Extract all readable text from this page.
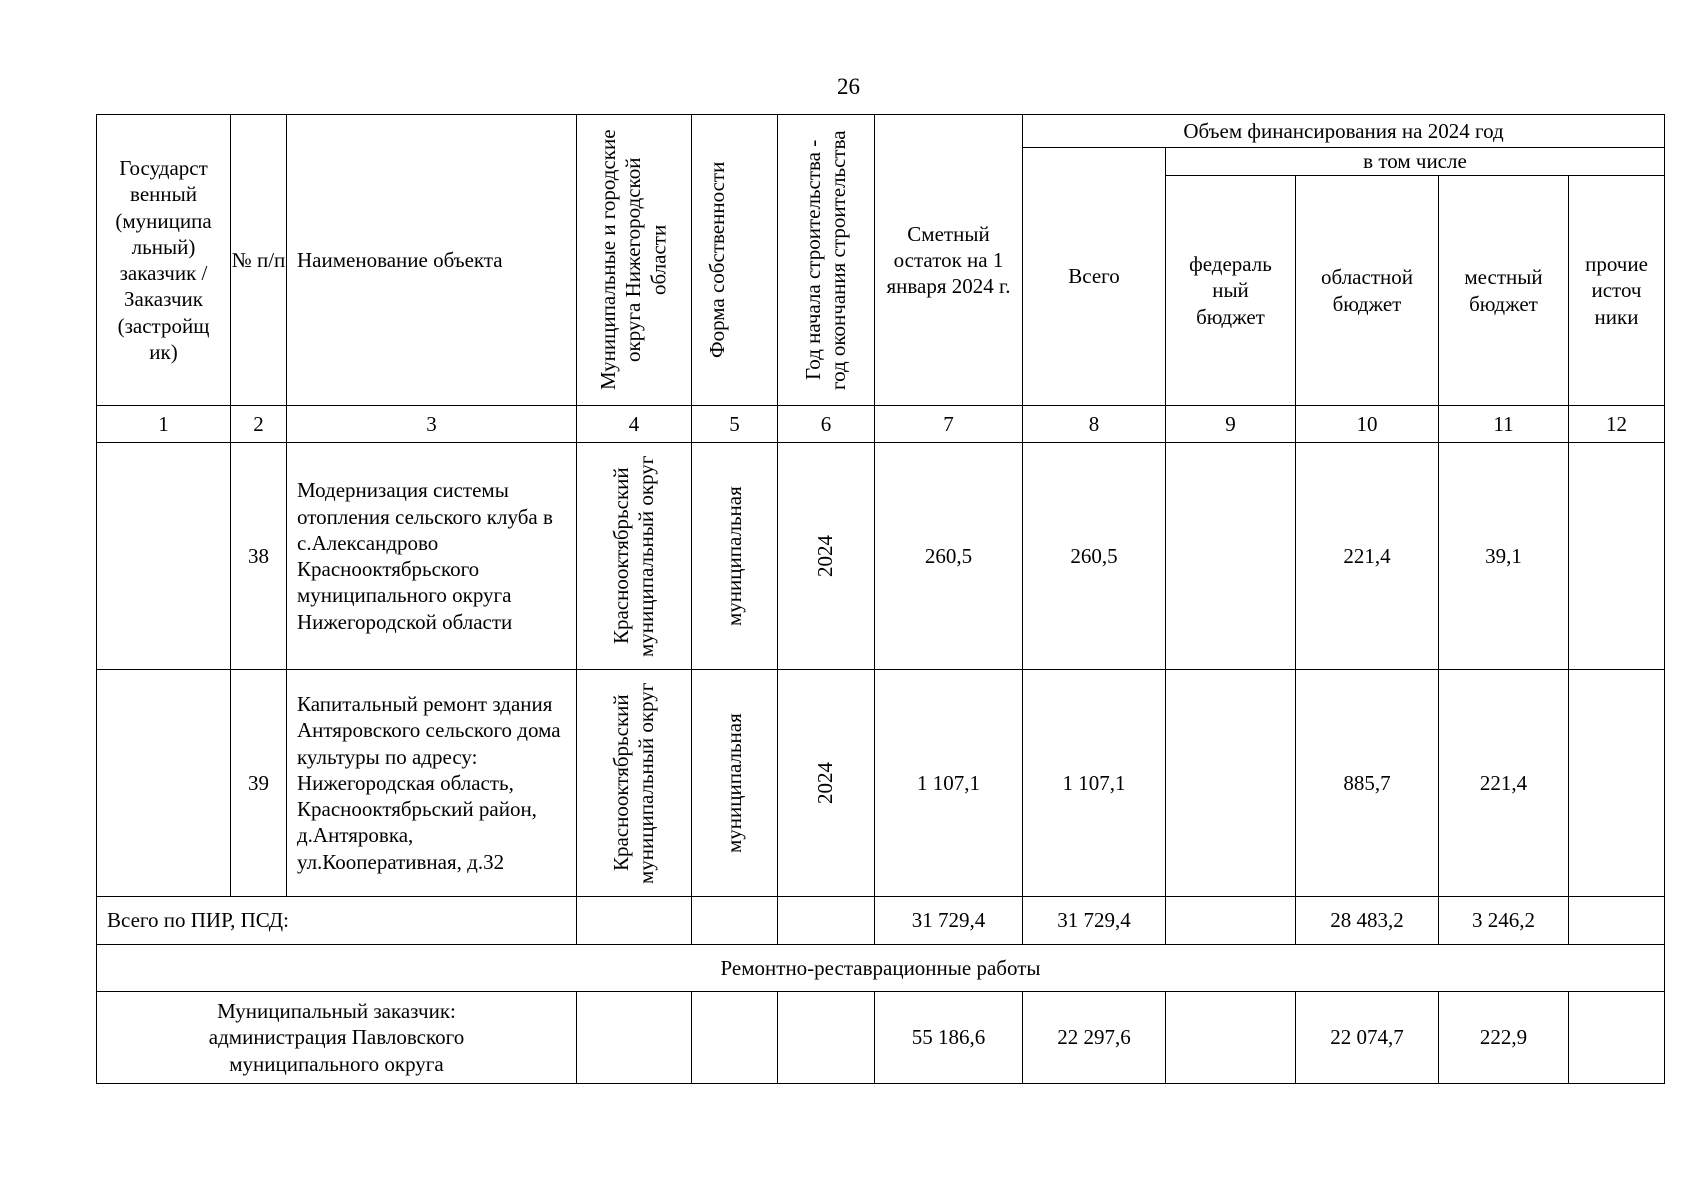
26
Государст венный (муниципа льный) заказчик / Заказчик (застройщ ик)	№ п/п	Наименование объекта	Муниципальные и городские округа Нижегородской области	Форма собственности	Год начала строительства - год окончания строительства	Сметный остаток на 1 января 2024 г.	Объем финансирования на 2024 год				
							Всего	в том числе			
								федераль ный бюджет	областной бюджет	местный бюджет	прочие источ ники
1	2	3	4	5	6	7	8	9	10	11	12
	38	Модернизация системы отопления сельского клуба в с.Александрово Краснооктябрьского муниципального округа Нижегородской области	Краснооктябрьский муниципальный округ	муниципальная	2024	260,5	260,5		221,4	39,1	
	39	Капитальный ремонт здания Антяровского сельского дома культуры по адресу: Нижегородская область, Краснооктябрьский район, д.Антяровка, ул.Кооперативная, д.32	Краснооктябрьский муниципальный округ	муниципальная	2024	1 107,1	1 107,1		885,7	221,4	
Всего по ПИР, ПСД:						31 729,4	31 729,4		28 483,2	3 246,2	
Ремонтно-реставрационные работы											
Муниципальный заказчик: администрация Павловского муниципального округа						55 186,6	22 297,6		22 074,7	222,9	
